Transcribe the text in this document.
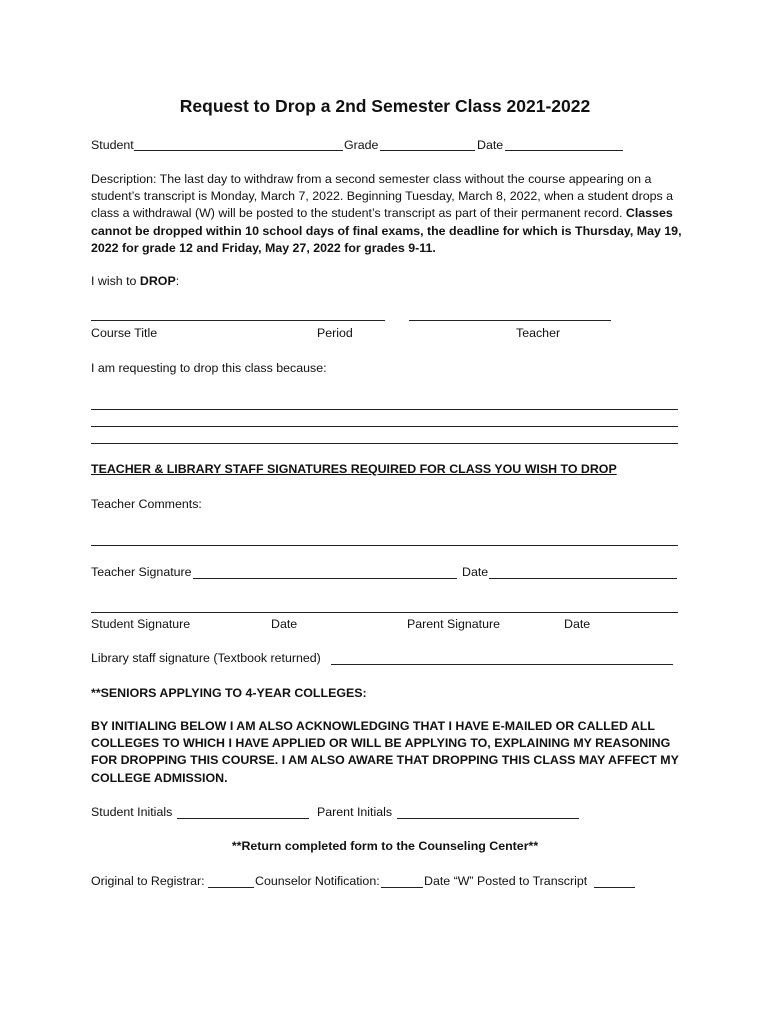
Request to Drop a 2nd Semester Class 2021-2022
Student	Grade	Date
Description: The last day to withdraw from a second semester class without the course appearing on a student’s transcript is Monday, March 7, 2022. Beginning Tuesday, March 8, 2022, when a student drops a class a withdrawal (W) will be posted to the student’s transcript as part of their permanent record. Classes cannot be dropped within 10 school days of final exams, the deadline for which is Thursday, May 19, 2022 for grade 12 and Friday, May 27, 2022 for grades 9-11.
I wish to DROP:
Course Title	Period	Teacher
I am requesting to drop this class because:
TEACHER & LIBRARY STAFF SIGNATURES REQUIRED FOR CLASS YOU WISH TO DROP
Teacher Comments:
Teacher Signature	Date
Student Signature	Date	Parent Signature	Date
Library staff signature (Textbook returned)
**SENIORS APPLYING TO 4-YEAR COLLEGES:
BY INITIALING BELOW I AM ALSO ACKNOWLEDGING THAT I HAVE E-MAILED OR CALLED ALL COLLEGES TO WHICH I HAVE APPLIED OR WILL BE APPLYING TO, EXPLAINING MY REASONING FOR DROPPING THIS COURSE. I AM ALSO AWARE THAT DROPPING THIS CLASS MAY AFFECT MY COLLEGE ADMISSION.
Student Initials	Parent Initials
**Return completed form to the Counseling Center**
Original to Registrar:	Counselor Notification:	Date “W” Posted to Transcript
